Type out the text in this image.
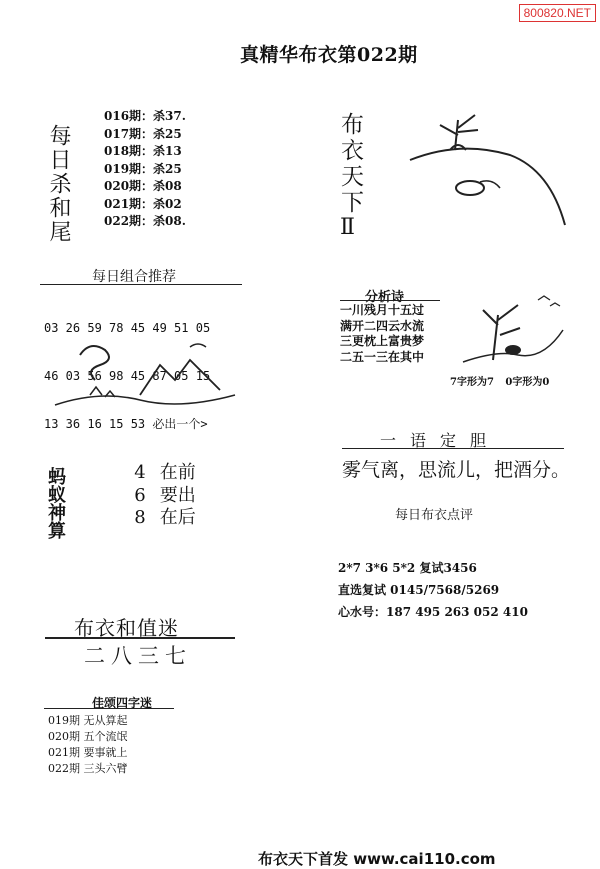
800820.NET
真精华布衣第022期
每日杀和尾
016期：杀37.
017期：杀25
018期：杀13
019期：杀25
020期：杀08
021期：杀02
022期：杀08.
布衣天下
Ⅱ
每日组合推荐

03 26 59 78 45 49 51 05

46 03 56 98 45 87 05 15

13 36 16 15 53 必出一个>

分析诗
一川残月十五过
满开二四云水流
三更枕上富贵梦
二五一三在其中
7字形为7 0字形为0
一语定胆
雾气离，思流儿，把酒分。
每日布衣点评
2*7 3*6 5*2 复试3456
直选复试 0145/7568/5269
心水号：187 495 263 052 410
蚂蚁神算	4 在前
6 要出
8 在后
布衣和值迷
二八三七
佳颂四字迷
019期 无从算起
020期 五个流氓
021期 要事就上
022期 三头六臂
布衣天下首发 www.cai110.com
